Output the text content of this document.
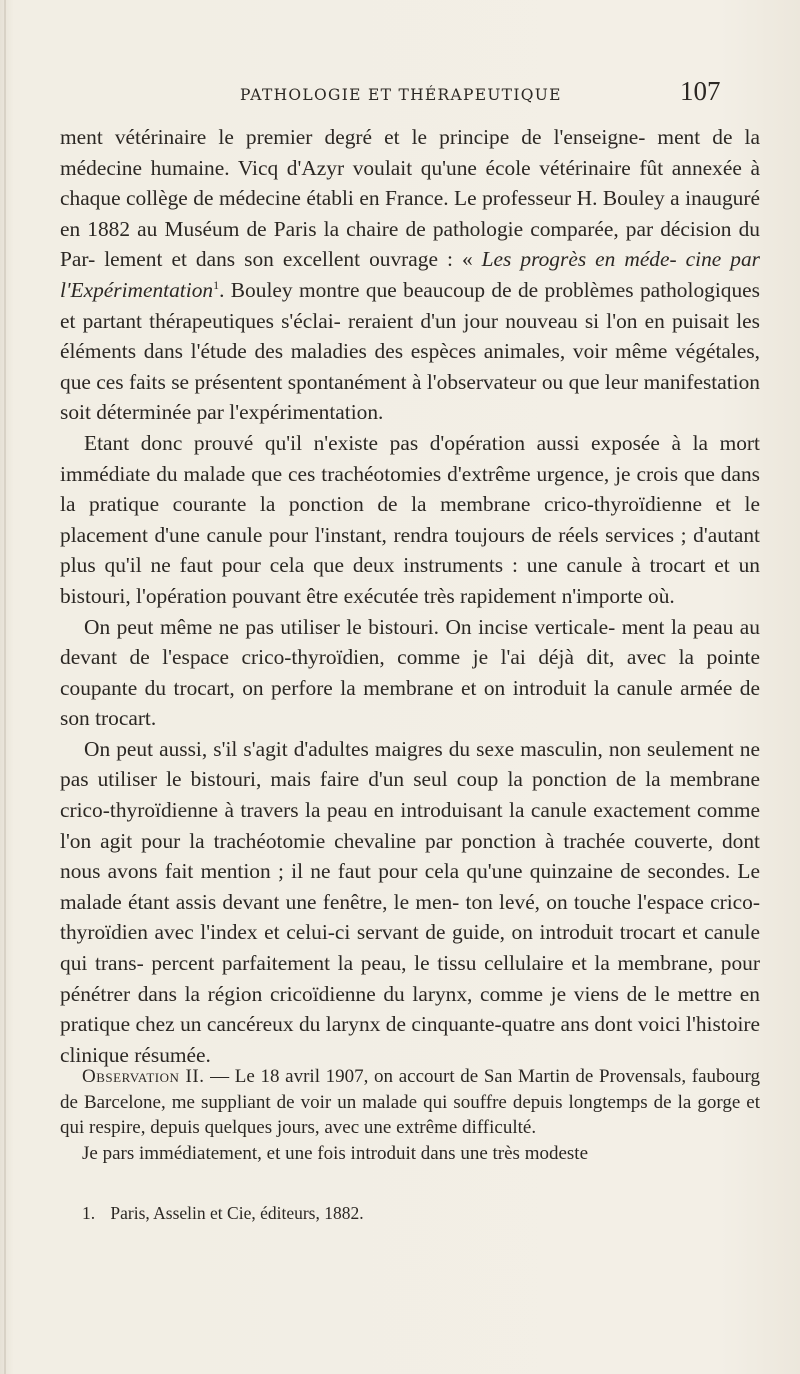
PATHOLOGIE ET THÉRAPEUTIQUE	107

ment vétérinaire le premier degré et le principe de l'enseigne- ment de la médecine humaine. Vicq d'Azyr voulait qu'une école vétérinaire fût annexée à chaque collège de médecine établi en France. Le professeur H. Bouley a inauguré en 1882 au Muséum de Paris la chaire de pathologie comparée, par décision du Par- lement et dans son excellent ouvrage : « Les progrès en méde- cine par l'Expérimentation$^1$. Bouley montre que beaucoup de de problèmes pathologiques et partant thérapeutiques s'éclai- reraient d'un jour nouveau si l'on en puisait les éléments dans l'étude des maladies des espèces animales, voir même végétales, que ces faits se présentent spontanément à l'observateur ou que leur manifestation soit déterminée par l'expérimentation.

Etant donc prouvé qu'il n'existe pas d'opération aussi exposée à la mort immédiate du malade que ces trachéotomies d'extrême urgence, je crois que dans la pratique courante la ponction de la membrane crico-thyroïdienne et le placement d'une canule pour l'instant, rendra toujours de réels services ; d'autant plus qu'il ne faut pour cela que deux instruments : une canule à trocart et un bistouri, l'opération pouvant être exécutée très rapidement n'importe où.

On peut même ne pas utiliser le bistouri. On incise verticale- ment la peau au devant de l'espace crico-thyroïdien, comme je l'ai déjà dit, avec la pointe coupante du trocart, on perfore la membrane et on introduit la canule armée de son trocart.

On peut aussi, s'il s'agit d'adultes maigres du sexe masculin, non seulement ne pas utiliser le bistouri, mais faire d'un seul coup la ponction de la membrane crico-thyroïdienne à travers la peau en introduisant la canule exactement comme l'on agit pour la trachéotomie chevaline par ponction à trachée couverte, dont nous avons fait mention ; il ne faut pour cela qu'une quinzaine de secondes. Le malade étant assis devant une fenêtre, le men- ton levé, on touche l'espace crico-thyroïdien avec l'index et celui-ci servant de guide, on introduit trocart et canule qui trans- percent parfaitement la peau, le tissu cellulaire et la membrane, pour pénétrer dans la région cricoïdienne du larynx, comme je viens de le mettre en pratique chez un cancéreux du larynx de cinquante-quatre ans dont voici l'histoire clinique résumée.

Observation II. — Le 18 avril 1907, on accourt de San Martin de Provensals, faubourg de Barcelone, me suppliant de voir un malade qui souffre depuis longtemps de la gorge et qui respire, depuis quelques jours, avec une extrême difficulté.

Je pars immédiatement, et une fois introduit dans une très modeste

1. Paris, Asselin et Cie, éditeurs, 1882.
